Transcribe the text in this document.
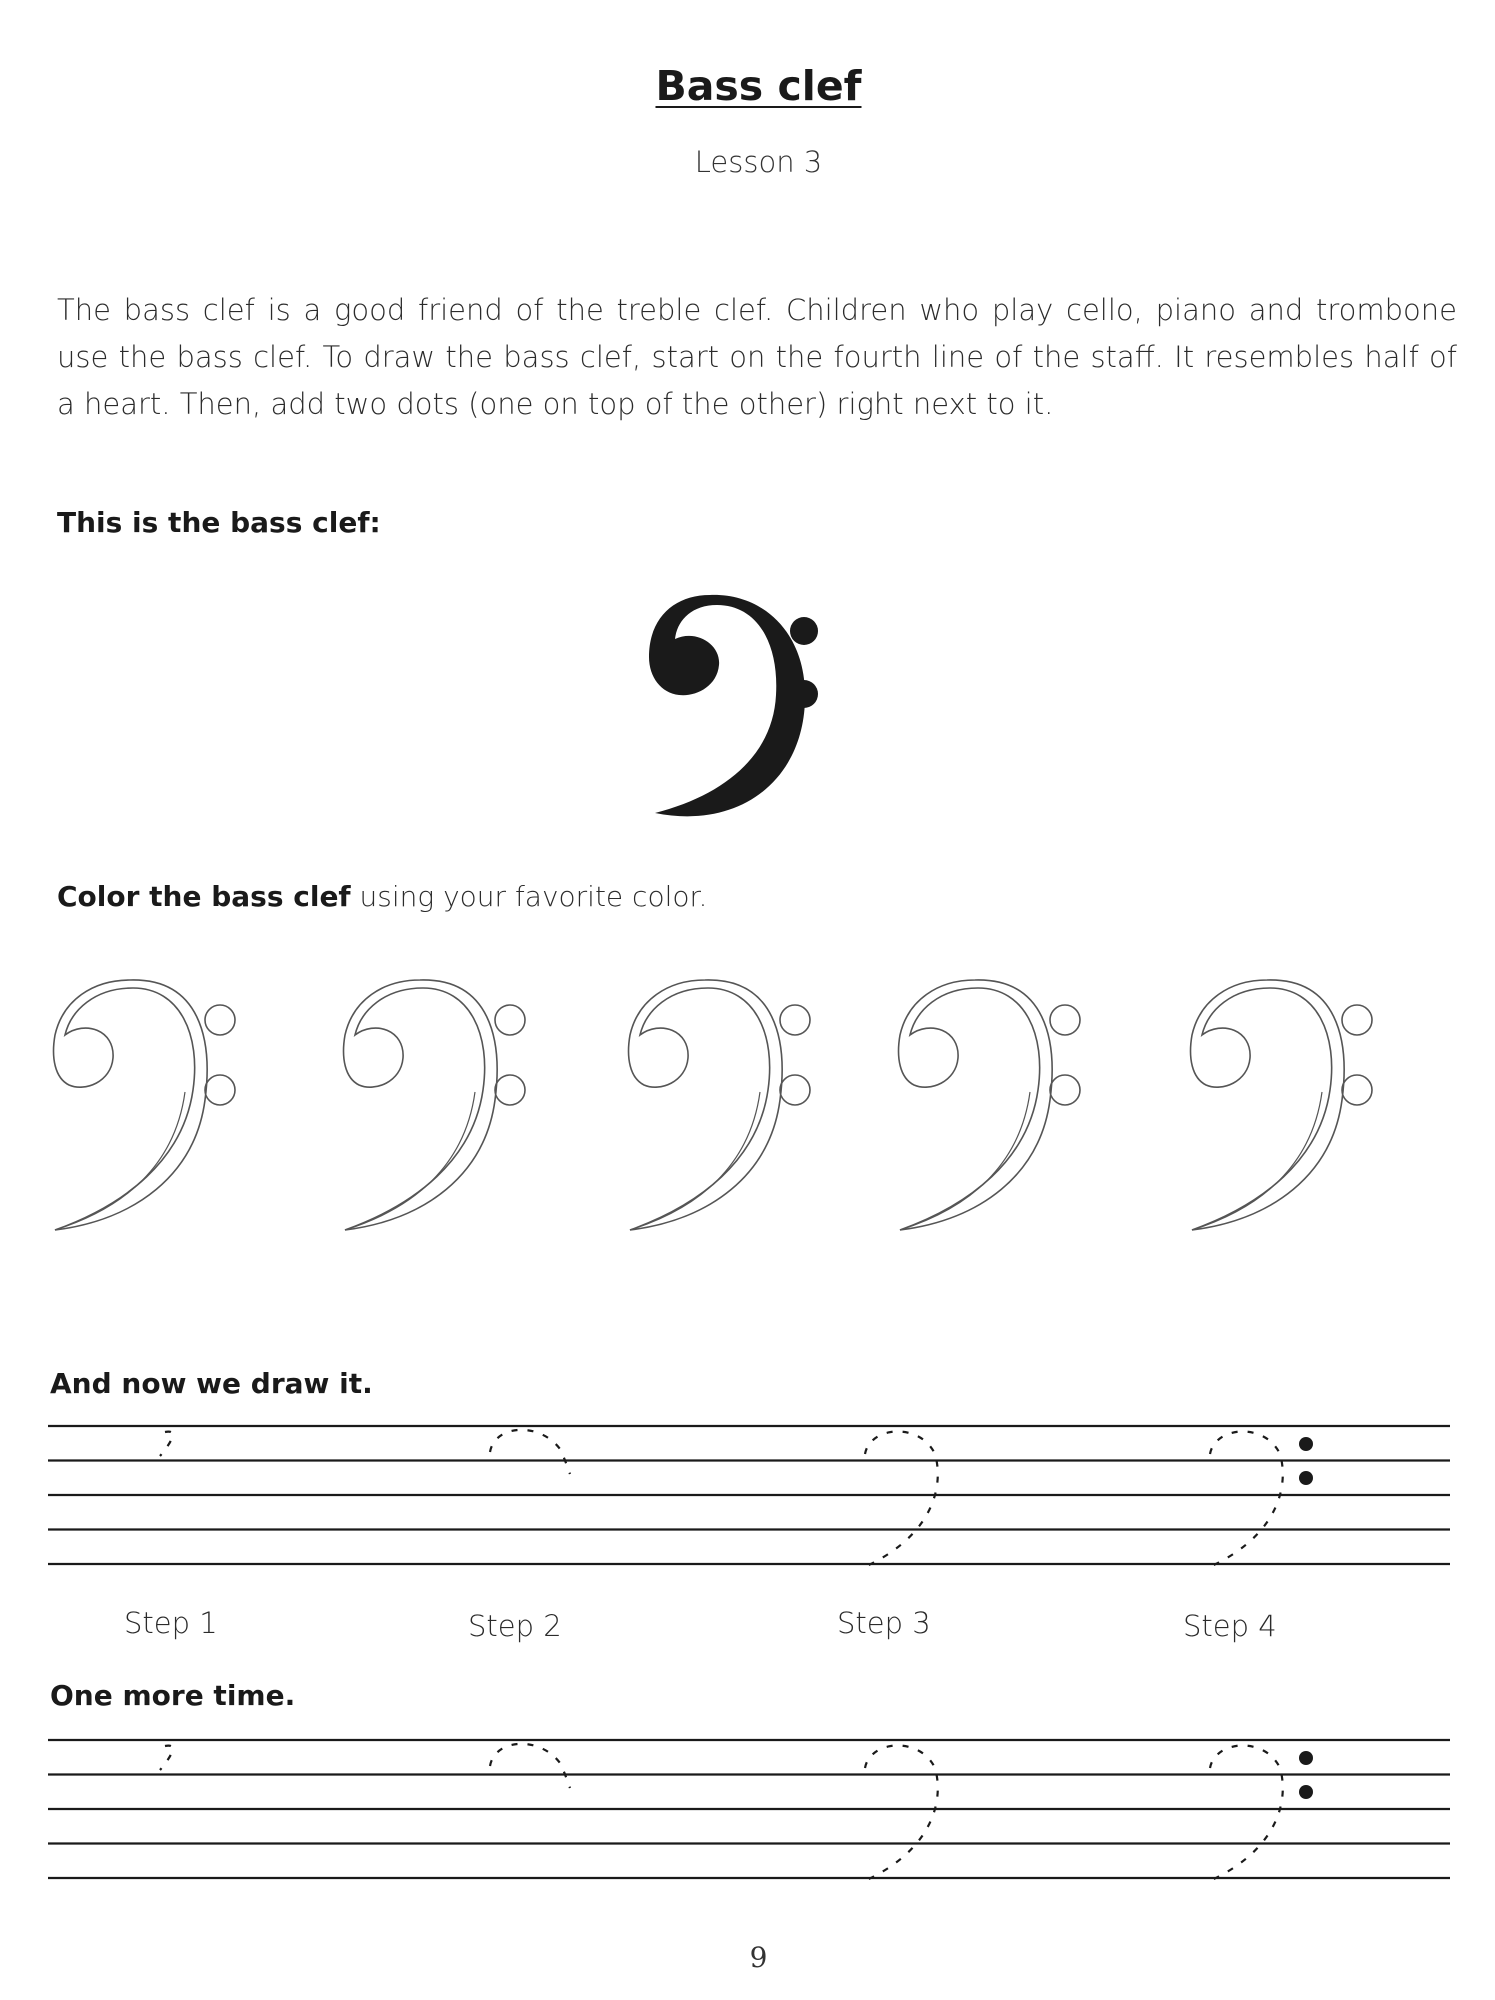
Bass clef
Lesson 3
The bass clef is a good friend of the treble clef. Children who play cello, piano and trombone use the bass clef. To draw the bass clef, start on the fourth line of the staff. It resembles half of a heart. Then, add two dots (one on top of the other) right next to it.
This is the bass clef:
Color the bass clef using your favorite color.
And now we draw it.
Step 1	Step 2	Step 3	Step 4
One more time.
9
